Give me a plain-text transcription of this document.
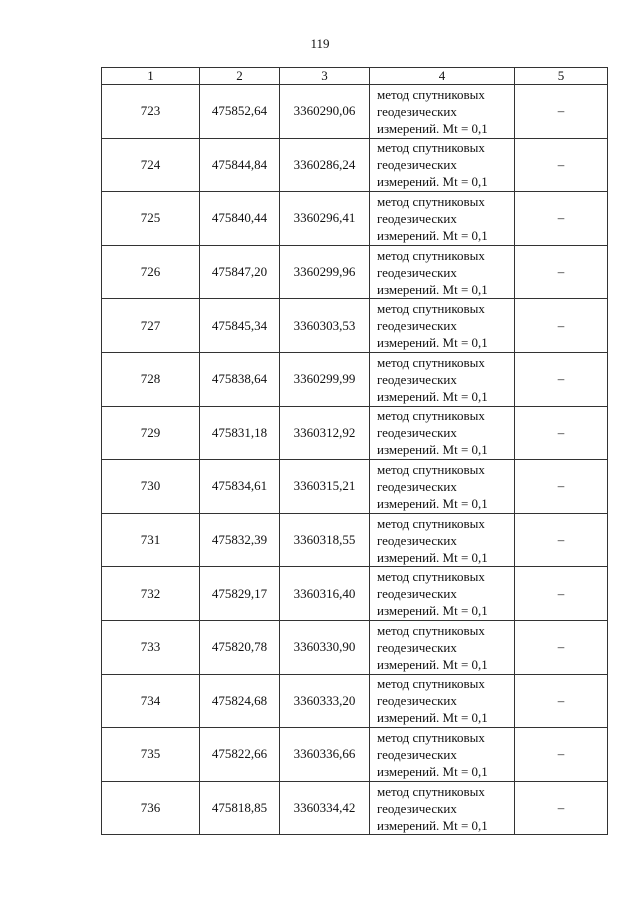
119
1	2	3	4	5
723	475852,64	3360290,06	метод спутниковых
геодезических
измерений. Mt = 0,1	–
724	475844,84	3360286,24	метод спутниковых
геодезических
измерений. Mt = 0,1	–
725	475840,44	3360296,41	метод спутниковых
геодезических
измерений. Mt = 0,1	–
726	475847,20	3360299,96	метод спутниковых
геодезических
измерений. Mt = 0,1	–
727	475845,34	3360303,53	метод спутниковых
геодезических
измерений. Mt = 0,1	–
728	475838,64	3360299,99	метод спутниковых
геодезических
измерений. Mt = 0,1	–
729	475831,18	3360312,92	метод спутниковых
геодезических
измерений. Mt = 0,1	–
730	475834,61	3360315,21	метод спутниковых
геодезических
измерений. Mt = 0,1	–
731	475832,39	3360318,55	метод спутниковых
геодезических
измерений. Mt = 0,1	–
732	475829,17	3360316,40	метод спутниковых
геодезических
измерений. Mt = 0,1	–
733	475820,78	3360330,90	метод спутниковых
геодезических
измерений. Mt = 0,1	–
734	475824,68	3360333,20	метод спутниковых
геодезических
измерений. Mt = 0,1	–
735	475822,66	3360336,66	метод спутниковых
геодезических
измерений. Mt = 0,1	–
736	475818,85	3360334,42	метод спутниковых
геодезических
измерений. Mt = 0,1	–
